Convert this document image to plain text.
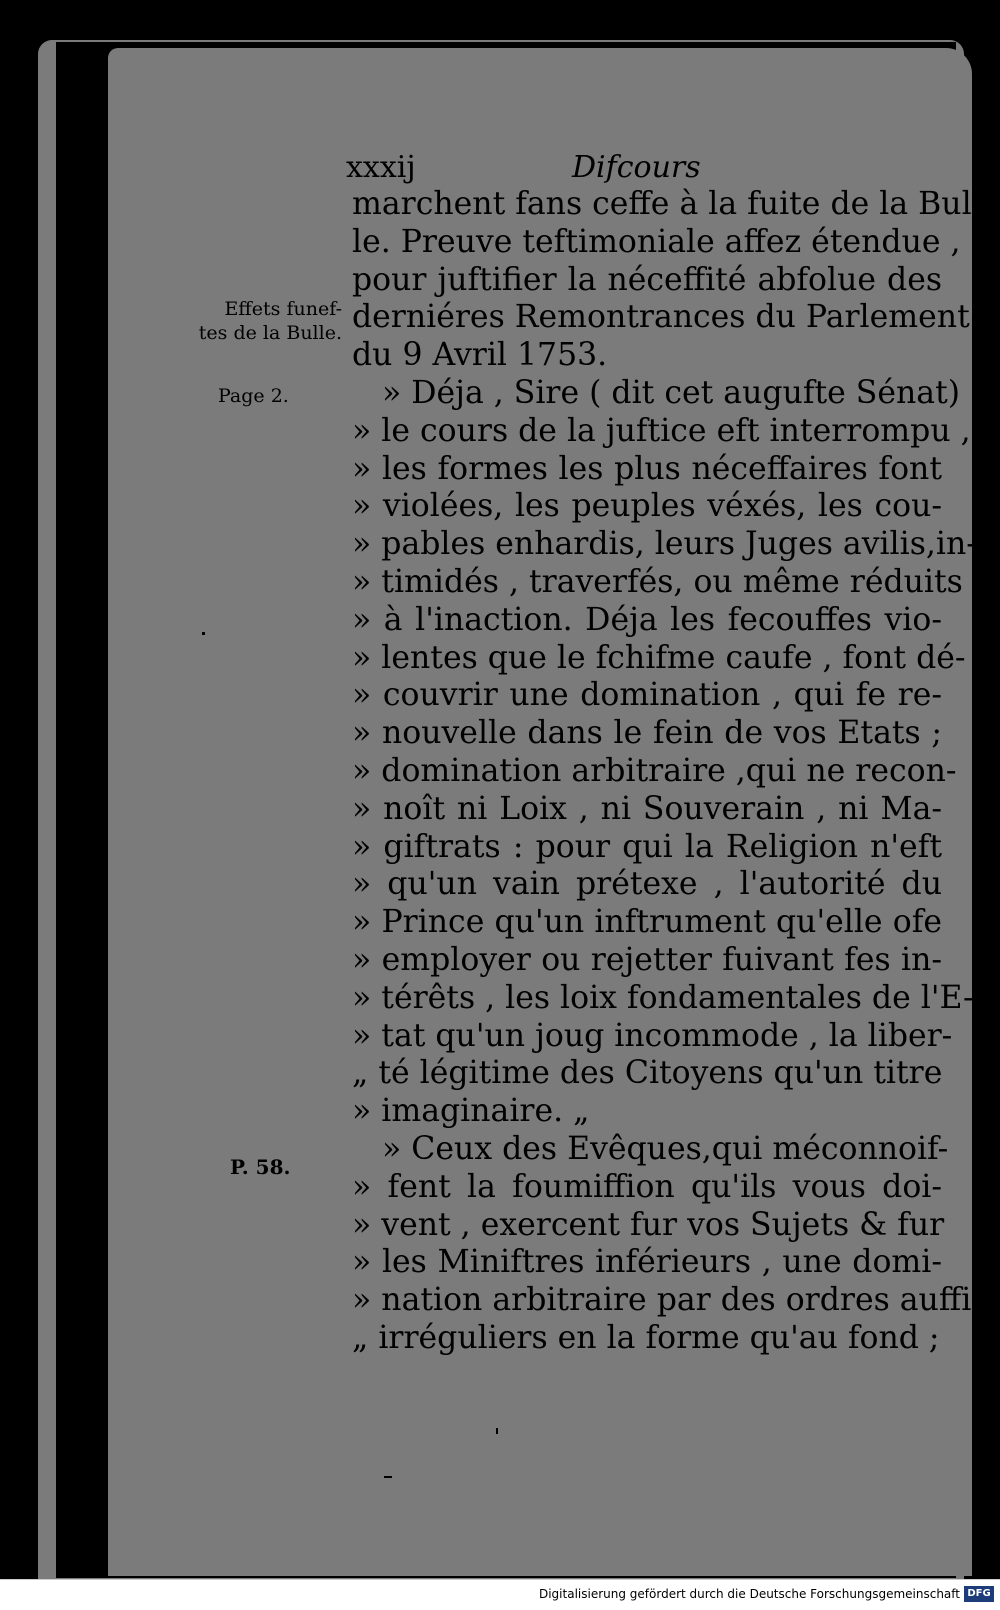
xxxij	Difcours
Effets funef-
tes de la Bulle.
Page 2.
P. 58.
marchent fans ceffe à la fuite de la Bul-
le. Preuve teftimoniale affez étendue ,
pour juftifier la néceffité abfolue des
derniéres Remontrances du Parlement
du 9 Avril 1753.
» Déja , Sire ( dit cet augufte Sénat)
» le cours de la juftice eft interrompu ,
» les formes les plus néceffaires font
» violées, les peuples véxés, les cou-
» pables enhardis, leurs Juges avilis,in-
» timidés , traverfés, ou même réduits
» à l'inaction. Déja les fecouffes vio-
» lentes que le fchifme caufe , font dé-
» couvrir une domination , qui fe re-
» nouvelle dans le fein de vos Etats ;
» domination arbitraire ,qui ne recon-
» noît ni Loix , ni Souverain , ni Ma-
» giftrats : pour qui la Religion n'eft
» qu'un vain prétexe , l'autorité du
» Prince qu'un inftrument qu'elle ofe
» employer ou rejetter fuivant fes in-
» térêts , les loix fondamentales de l'E-
» tat qu'un joug incommode , la liber-
„ té légitime des Citoyens qu'un titre
» imaginaire. „
» Ceux des Evêques,qui méconnoif-
» fent la foumiffion qu'ils vous doi-
» vent , exercent fur vos Sujets & fur
» les Miniftres inférieurs , une domi-
» nation arbitraire par des ordres auffi
„ irréguliers en la forme qu'au fond ;
Digitalisierung gefördert durch die Deutsche Forschungsgemeinschaft DFG
